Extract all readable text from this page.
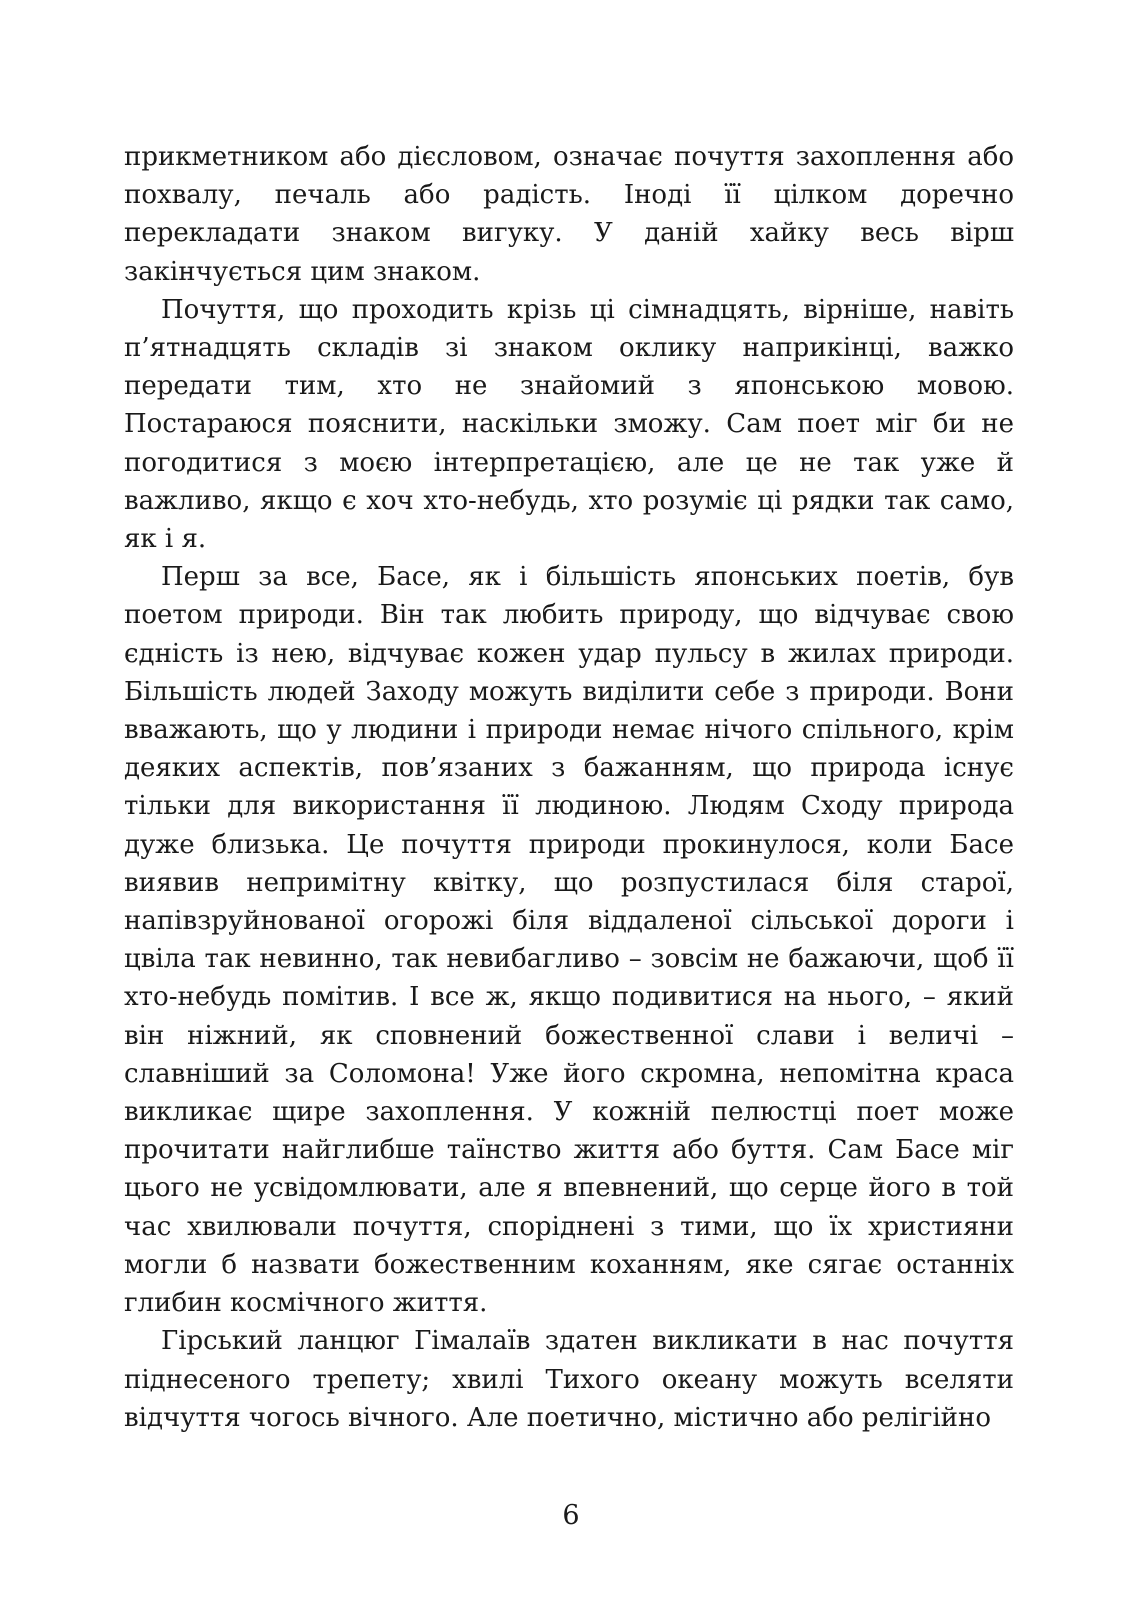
прикметником або дієсловом, означає почуття захоплення або похвалу, печаль або радість. Іноді її цілком доречно перекладати знаком вигуку. У даній хайку весь вірш закінчується цим знаком.

Почуття, що проходить крізь ці сімнадцять, вірніше, навіть п’ятнадцять складів зі знаком оклику наприкінці, важко передати тим, хто не знайомий з японською мовою. Постараюся пояснити, наскільки зможу. Сам поет міг би не погодитися з моєю інтерпретацією, але це не так уже й важливо, якщо є хоч хто-небудь, хто розуміє ці рядки так само, як і я.

Перш за все, Басе, як і більшість японських поетів, був поетом природи. Він так любить природу, що відчуває свою єдність із нею, відчуває кожен удар пульсу в жилах природи. Більшість людей Заходу можуть виділити себе з природи. Вони вважають, що у людини і природи немає нічого спільного, крім деяких аспектів, пов’язаних з бажанням, що природа існує тільки для використання її людиною. Людям Сходу природа дуже близька. Це почуття природи прокинулося, коли Басе виявив непримітну квітку, що розпустилася біля старої, напівзруйнованої огорожі біля віддаленої сільської дороги і цвіла так невинно, так невибагливо – зовсім не бажаючи, щоб її хто-небудь помітив. І все ж, якщо подивитися на нього, – який він ніжний, як сповнений божественної слави і величі – славніший за Соломона! Уже його скромна, непомітна краса викликає щире захоплення. У кожній пелюстці поет може прочитати найглибше таїнство життя або буття. Сам Басе міг цього не усвідомлювати, але я впевнений, що серце його в той час хвилювали почуття, споріднені з тими, що їх християни могли б назвати божественним коханням, яке сягає останніх глибин космічного життя.

Гірський ланцюг Гімалаїв здатен викликати в нас почуття піднесеного трепету; хвилі Тихого океану можуть вселяти відчуття чогось вічного. Але поетично, містично або релігійно

6
